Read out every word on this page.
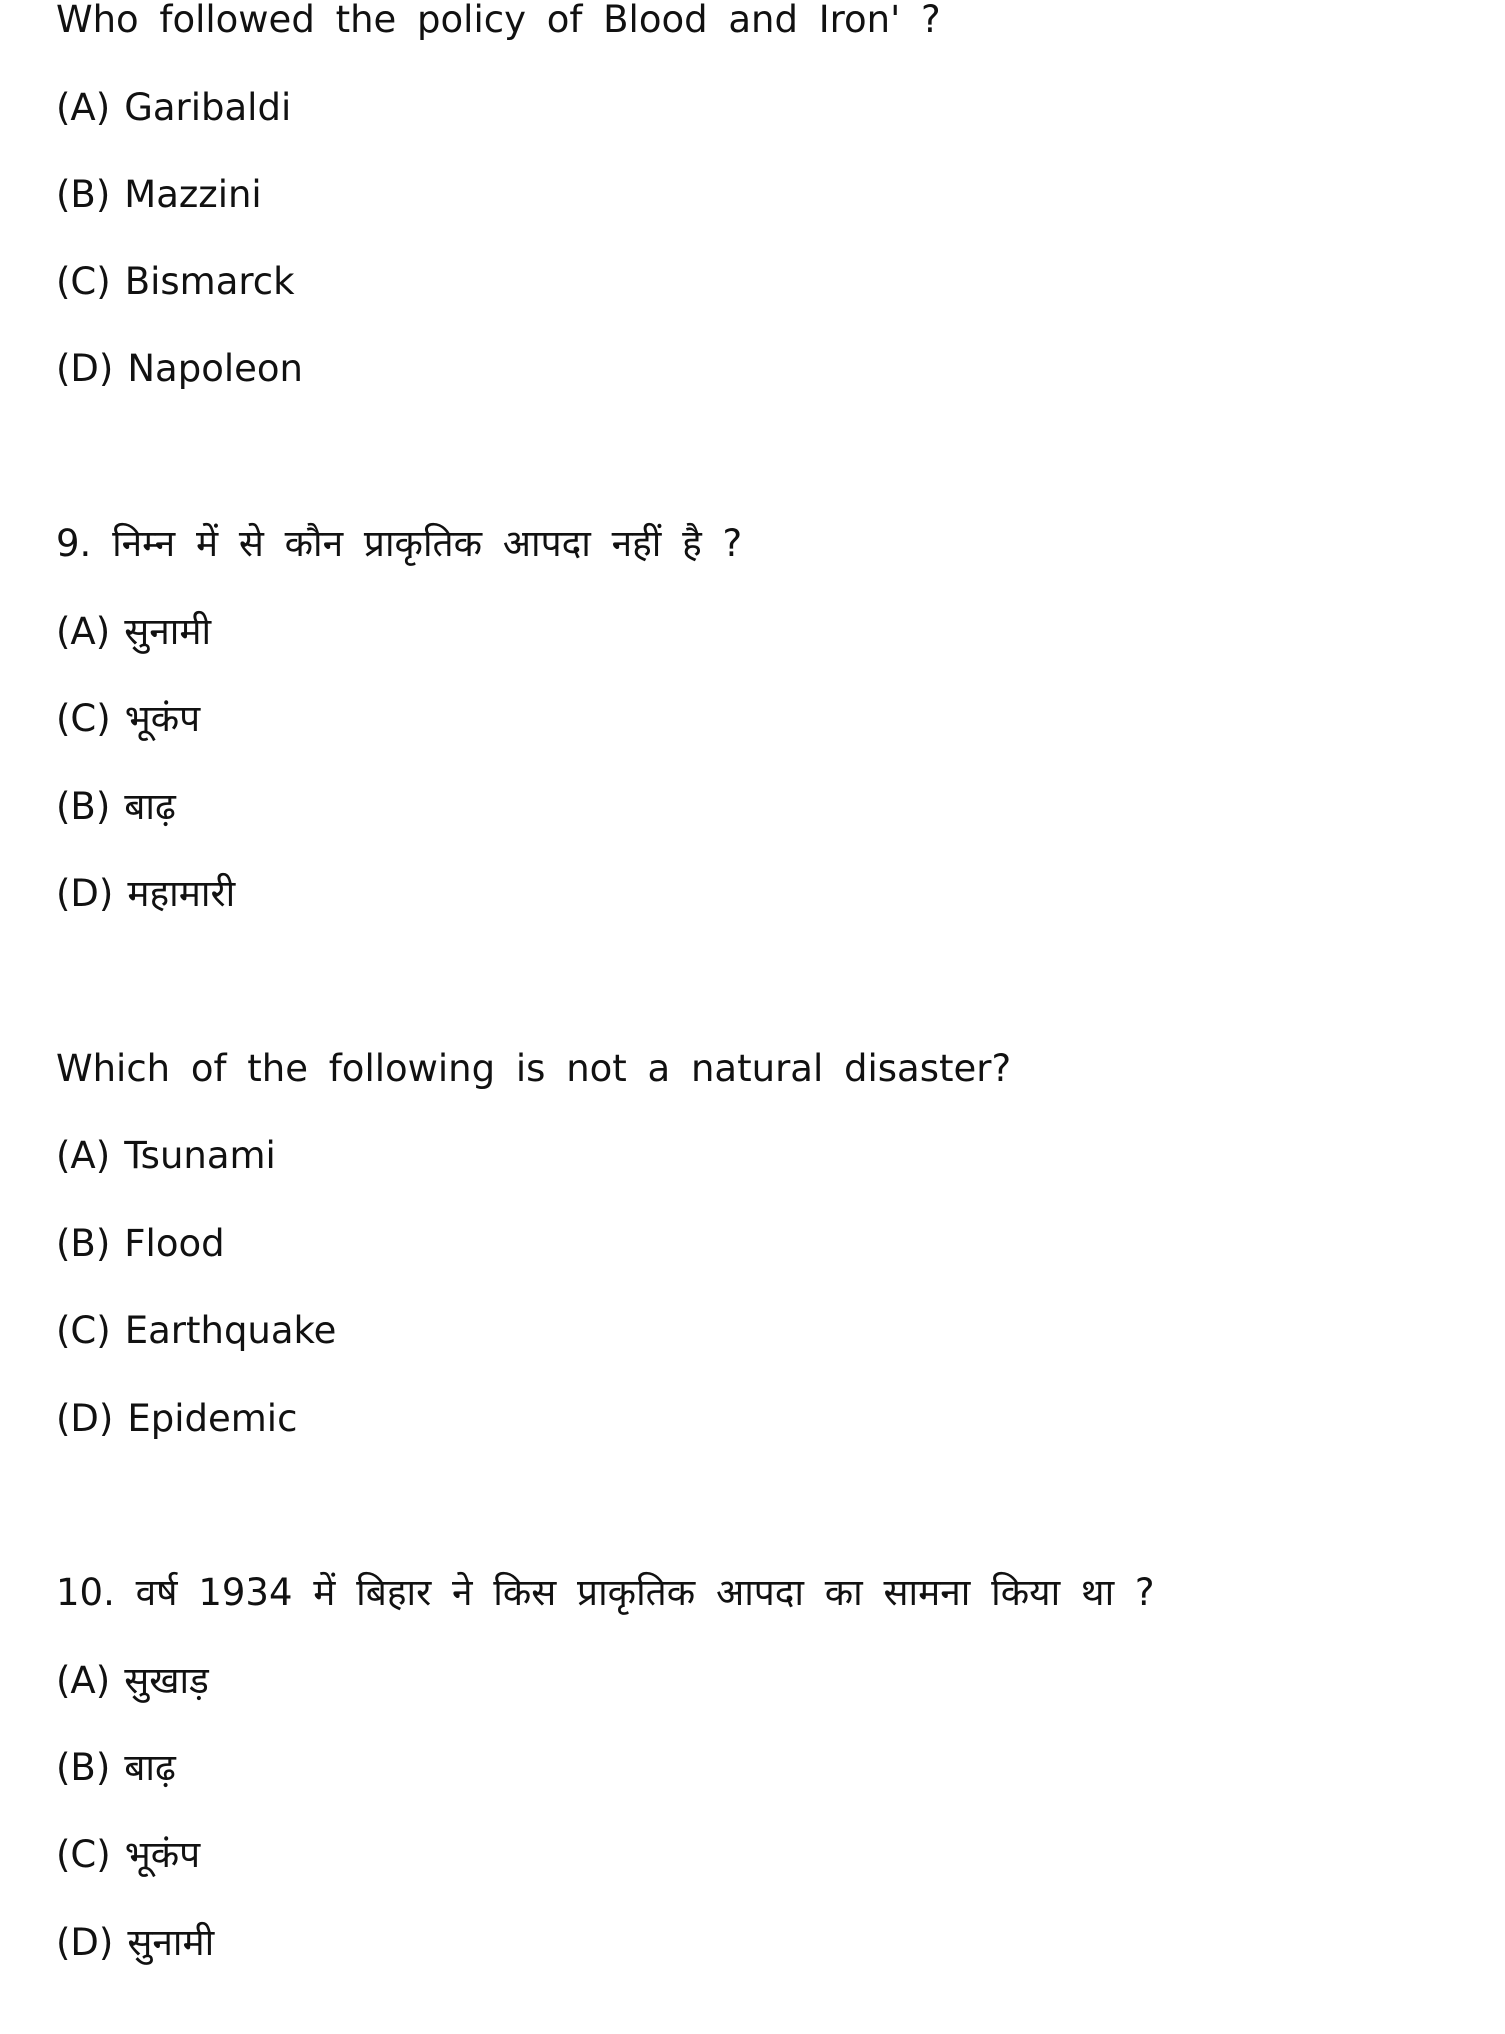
Who followed the policy of Blood and Iron' ?
(A) Garibaldi
(B) Mazzini
(C) Bismarck
(D) Napoleon
9. निम्न में से कौन प्राकृतिक आपदा नहीं है ?
(A) सुनामी
(C) भूकंप
(B) बाढ़
(D) महामारी
Which of the following is not a natural disaster?
(A) Tsunami
(B) Flood
(C) Earthquake
(D) Epidemic
10. वर्ष 1934 में बिहार ने किस प्राकृतिक आपदा का सामना किया था ?
(A) सुखाड़
(B) बाढ़
(C) भूकंप
(D) सुनामी
